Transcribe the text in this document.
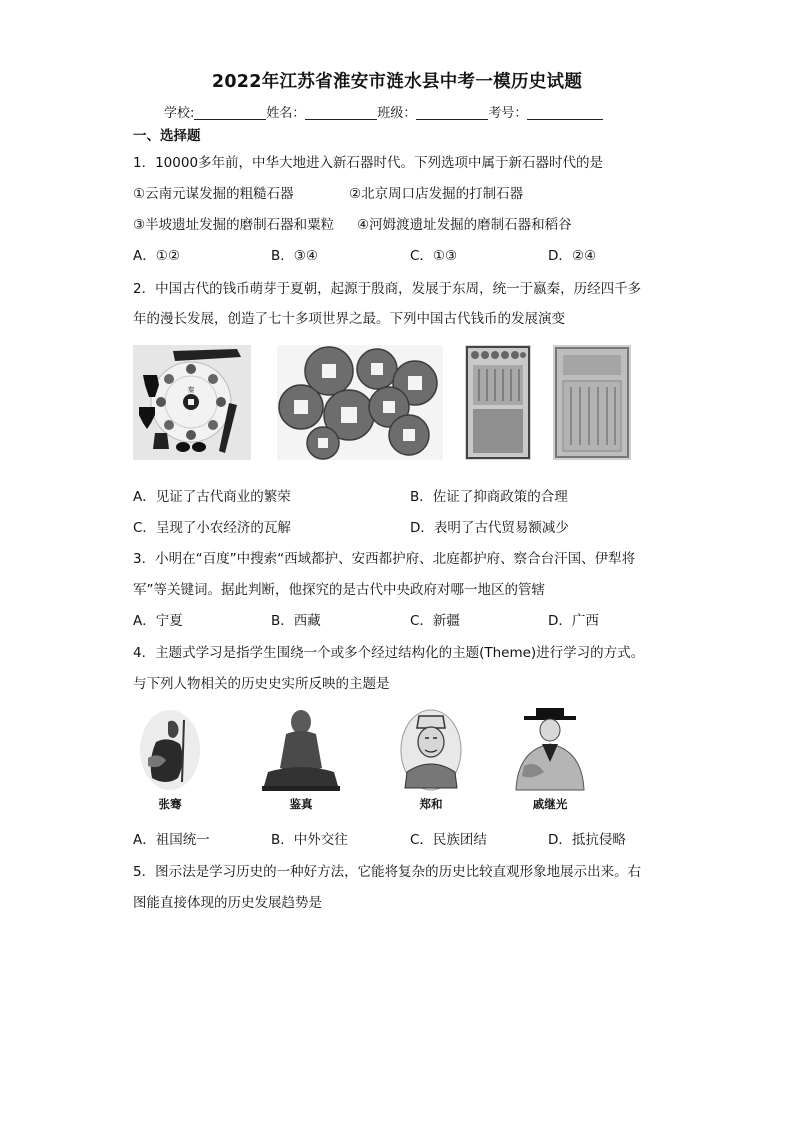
2022年江苏省淮安市涟水县中考一模历史试题
学校:	姓名：	班级：	考号：
一、选择题
1．10000多年前，中华大地进入新石器时代。下列选项中属于新石器时代的是
①云南元谋发掘的粗糙石器	②北京周口店发掘的打制石器
③半坡遗址发掘的磨制石器和粟粒 ④河姆渡遗址发掘的磨制石器和稻谷
A．①②	B．③④	C．①③	D．②④
2．中国古代的钱币萌芽于夏朝，起源于殷商，发展于东周，统一于嬴秦，历经四千多
年的漫长发展，创造了七十多项世界之最。下列中国古代钱币的发展演变
秦
A．见证了古代商业的繁荣	B．佐证了抑商政策的合理
C．呈现了小农经济的瓦解	D．表明了古代贸易额减少
3．小明在“百度”中搜索“西域都护、安西都护府、北庭都护府、察合台汗国、伊犁将
军”等关键词。据此判断，他探究的是古代中央政府对哪一地区的管辖
A．宁夏	B．西藏	C．新疆	D．广西
4．主题式学习是指学生围绕一个或多个经过结构化的主题(Theme)进行学习的方式。
与下列人物相关的历史史实所反映的主题是
张骞	鉴真	郑和	戚继光
A．祖国统一	B．中外交往	C．民族团结	D．抵抗侵略
5．图示法是学习历史的一种好方法，它能将复杂的历史比较直观形象地展示出来。右
图能直接体现的历史发展趋势是
